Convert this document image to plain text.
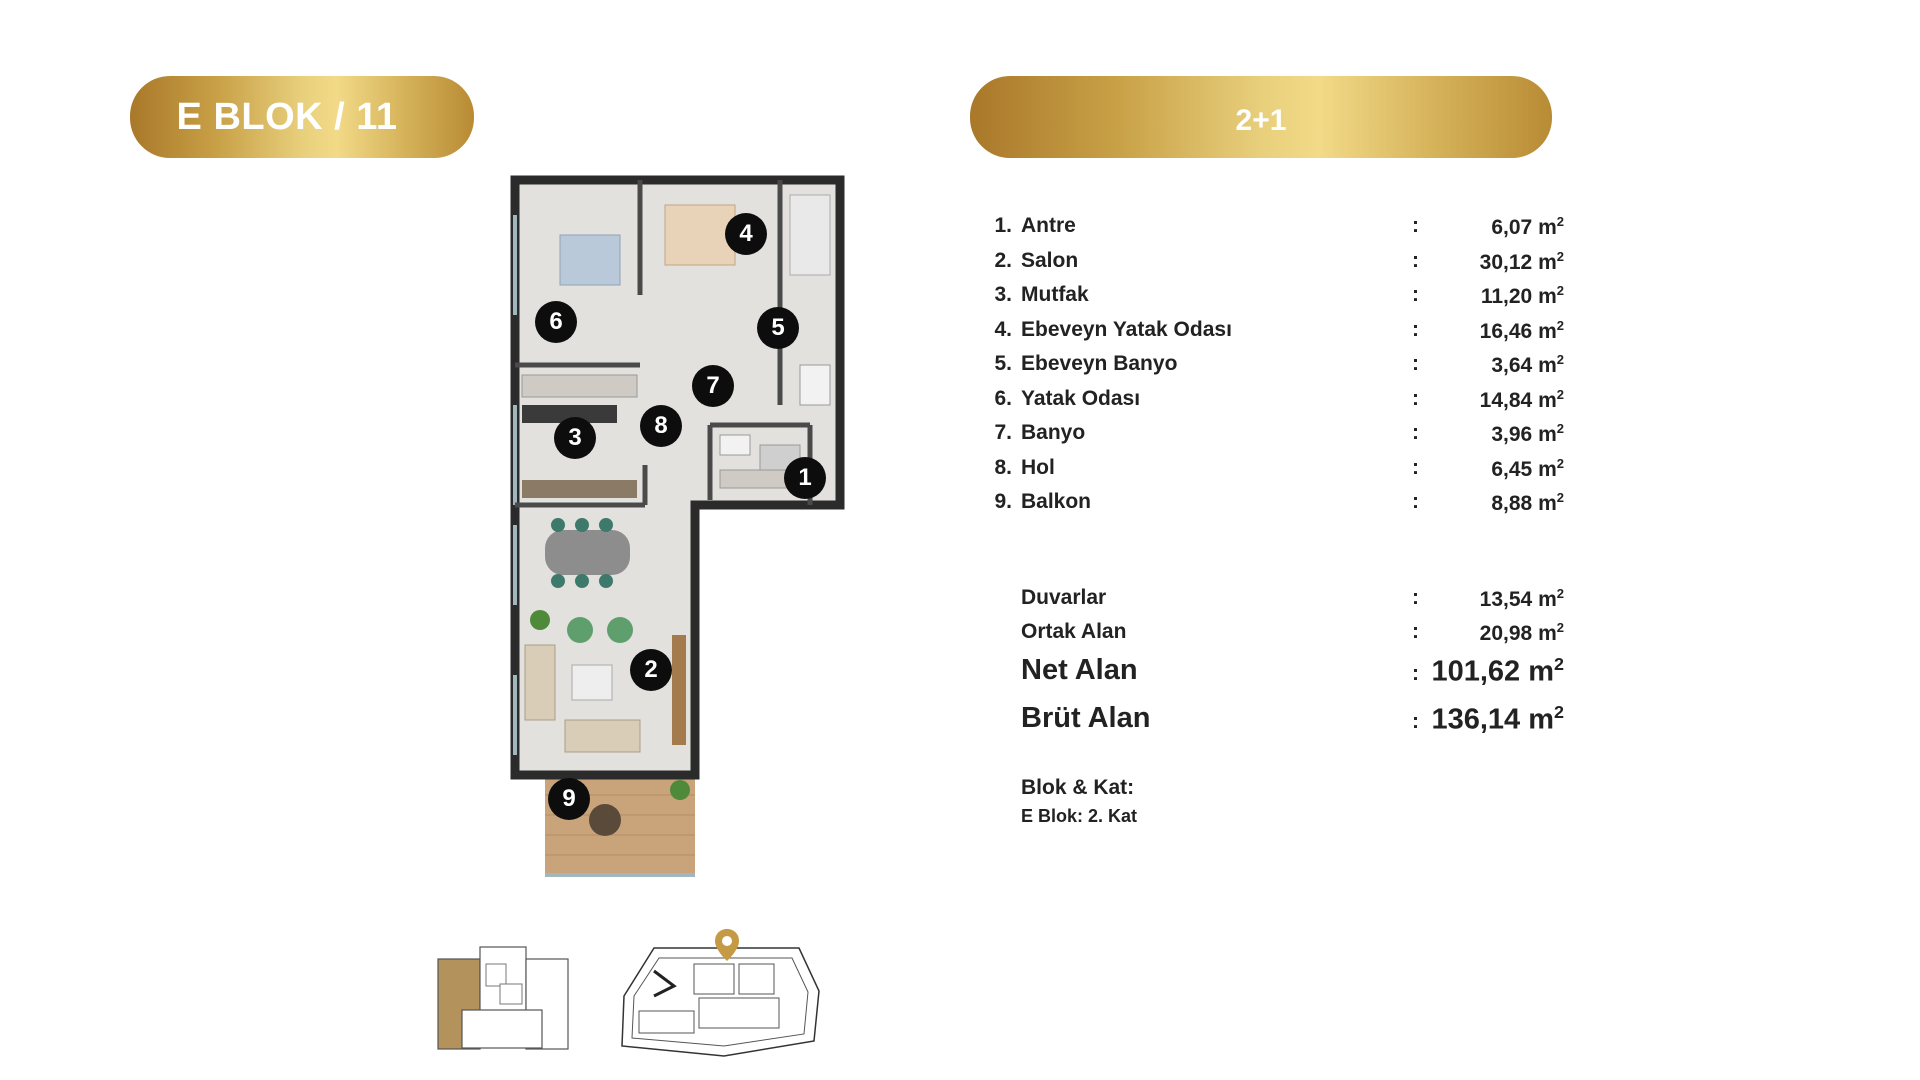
E BLOK / 11	2+1
4
5
6
7
8
3
1
2
9
1. Antre	:	6,07 $m^2$
2. Salon	:	30,12 $m^2$
3. Mutfak	:	11,20 $m^2$
4. Ebeveyn Yatak Odası	:	16,46 $m^2$
5. Ebeveyn Banyo	:	3,64 $m^2$
6. Yatak Odası	:	14,84 $m^2$
7. Banyo	:	3,96 $m^2$
8. Hol	:	6,45 $m^2$
9. Balkon	:	8,88 $m^2$
Duvarlar	:	13,54 $m^2$
Ortak Alan	:	20,98 $m^2$
Net Alan	: 101,62 $m^2$
Brüt Alan	: 136,14 $m^2$
Blok & Kat:
E Blok: 2. Kat
